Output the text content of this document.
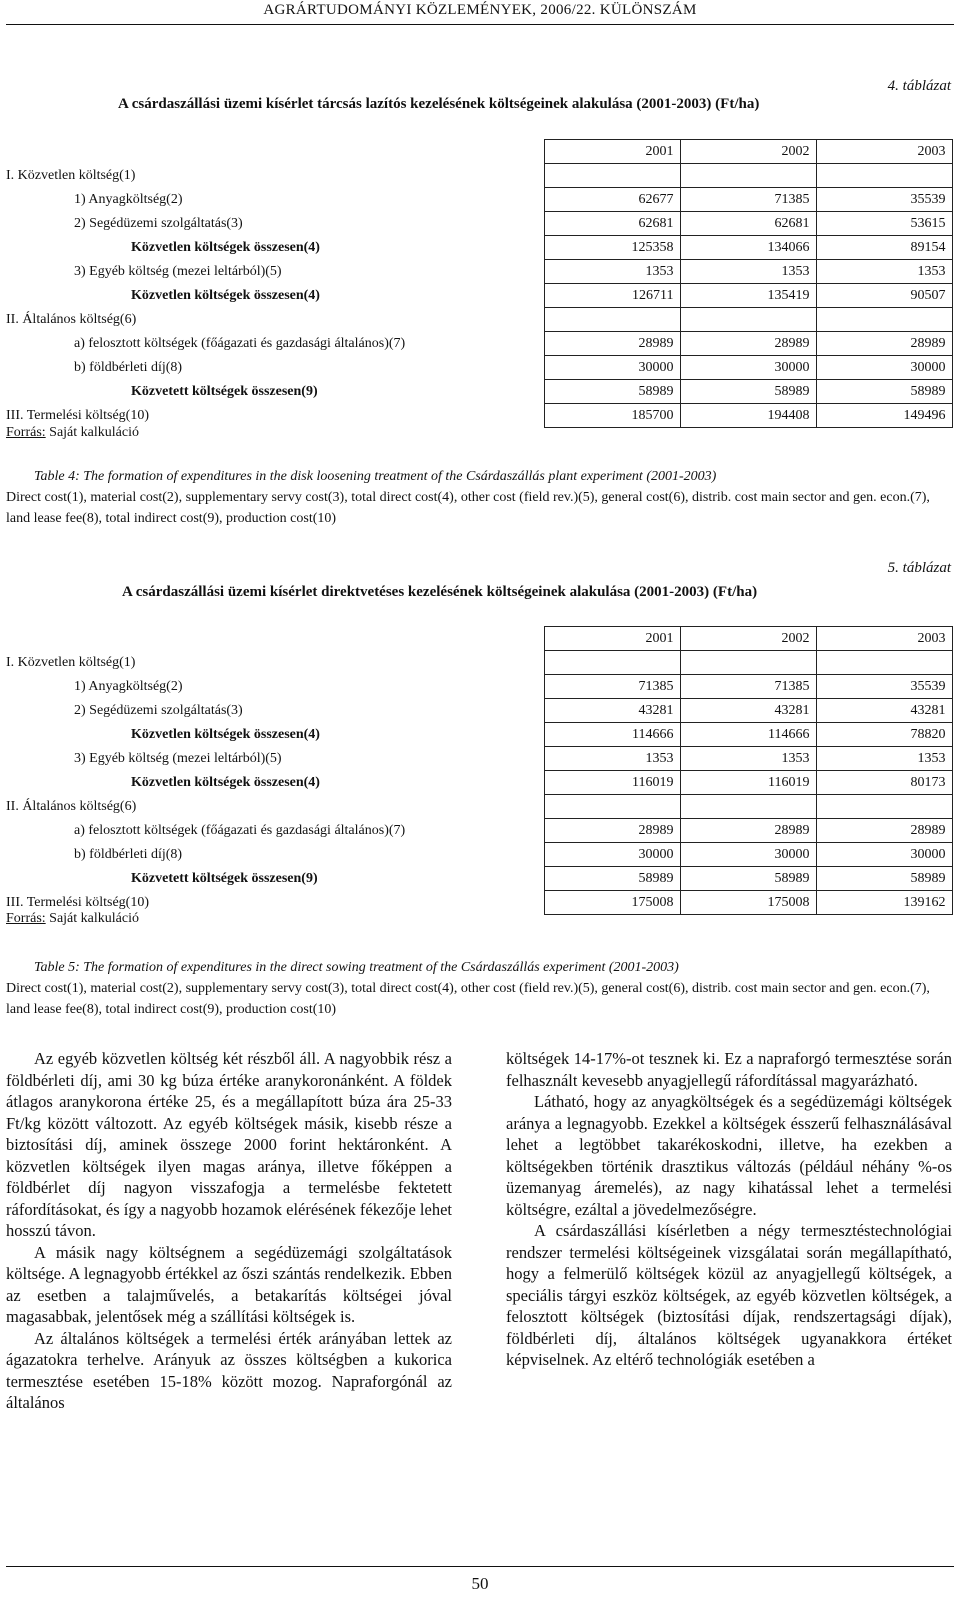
AGRÁRTUDOMÁNYI KÖZLEMÉNYEK, 2006/22. KÜLÖNSZÁM
4. táblázat
A csárdaszállási üzemi kísérlet tárcsás lazítós kezelésének költségeinek alakulása (2001-2003) (Ft/ha)
	2001	2002	2003
I. Közvetlen költség(1)			
1) Anyagköltség(2)	62677	71385	35539
2) Segédüzemi szolgáltatás(3)	62681	62681	53615
Közvetlen költségek összesen(4)	125358	134066	89154
3) Egyéb költség (mezei leltárból)(5)	1353	1353	1353
Közvetlen költségek összesen(4)	126711	135419	90507
II. Általános költség(6)			
a) felosztott költségek (főágazati és gazdasági általános)(7)	28989	28989	28989
b) földbérleti díj(8)	30000	30000	30000
Közvetett költségek összesen(9)	58989	58989	58989
III. Termelési költség(10)	185700	194408	149496
Forrás: Saját kalkuláció
Table 4: The formation of expenditures in the disk loosening treatment of the Csárdaszállás plant experiment (2001-2003)
Direct cost(1), material cost(2), supplementary servy cost(3), total direct cost(4), other cost (field rev.)(5), general cost(6), distrib. cost main sector and gen. econ.(7), land lease fee(8), total indirect cost(9), production cost(10)
5. táblázat
A csárdaszállási üzemi kísérlet direktvetéses kezelésének költségeinek alakulása (2001-2003) (Ft/ha)
	2001	2002	2003
I. Közvetlen költség(1)			
1) Anyagköltség(2)	71385	71385	35539
2) Segédüzemi szolgáltatás(3)	43281	43281	43281
Közvetlen költségek összesen(4)	114666	114666	78820
3) Egyéb költség (mezei leltárból)(5)	1353	1353	1353
Közvetlen költségek összesen(4)	116019	116019	80173
II. Általános költség(6)			
a) felosztott költségek (főágazati és gazdasági általános)(7)	28989	28989	28989
b) földbérleti díj(8)	30000	30000	30000
Közvetett költségek összesen(9)	58989	58989	58989
III. Termelési költség(10)	175008	175008	139162
Forrás: Saját kalkuláció
Table 5: The formation of expenditures in the direct sowing treatment of the Csárdaszállás experiment (2001-2003)
Direct cost(1), material cost(2), supplementary servy cost(3), total direct cost(4), other cost (field rev.)(5), general cost(6), distrib. cost main sector and gen. econ.(7), land lease fee(8), total indirect cost(9), production cost(10)

Az egyéb közvetlen költség két részből áll. A nagyobbik rész a földbérleti díj, ami 30 kg búza értéke aranykoronánként. A földek átlagos aranykorona értéke 25, és a megállapított búza ára 25-33 Ft/kg között változott. Az egyéb költségek másik, kisebb része a biztosítási díj, aminek összege 2000 forint hektáronként. A közvetlen költségek ilyen magas aránya, illetve főképpen a földbérlet díj nagyon visszafogja a termelésbe fektetett ráfordításokat, és így a nagyobb hozamok elérésének fékezője lehet hosszú távon.

A másik nagy költségnem a segédüzemági szolgáltatások költsége. A legnagyobb értékkel az őszi szántás rendelkezik. Ebben az esetben a talajművelés, a betakarítás költségei jóval magasabbak, jelentősek még a szállítási költségek is.

Az általános költségek a termelési érték arányában lettek az ágazatokra terhelve. Arányuk az összes költségben a kukorica termesztése esetében 15-18% között mozog. Napraforgónál az általános

költségek 14-17%-ot tesznek ki. Ez a napraforgó termesztése során felhasznált kevesebb anyagjellegű ráfordítással magyarázható.

Látható, hogy az anyagköltségek és a segédüzemági költségek aránya a legnagyobb. Ezekkel a költségek ésszerű felhasználásával lehet a legtöbbet takarékoskodni, illetve, ha ezekben a költségekben történik drasztikus változás (például néhány %-os üzemanyag áremelés), az nagy kihatással lehet a termelési költségre, ezáltal a jövedelmezőségre.

A csárdaszállási kísérletben a négy termesztéstechnológiai rendszer termelési költségeinek vizsgálatai során megállapítható, hogy a felmerülő költségek közül az anyagjellegű költségek, a speciális tárgyi eszköz költségek, az egyéb közvetlen költségek, a felosztott költségek (biztosítási díjak, rendszertagsági díjak), földbérleti díj, általános költségek ugyanakkora értéket képviselnek. Az eltérő technológiák esetében a

50
